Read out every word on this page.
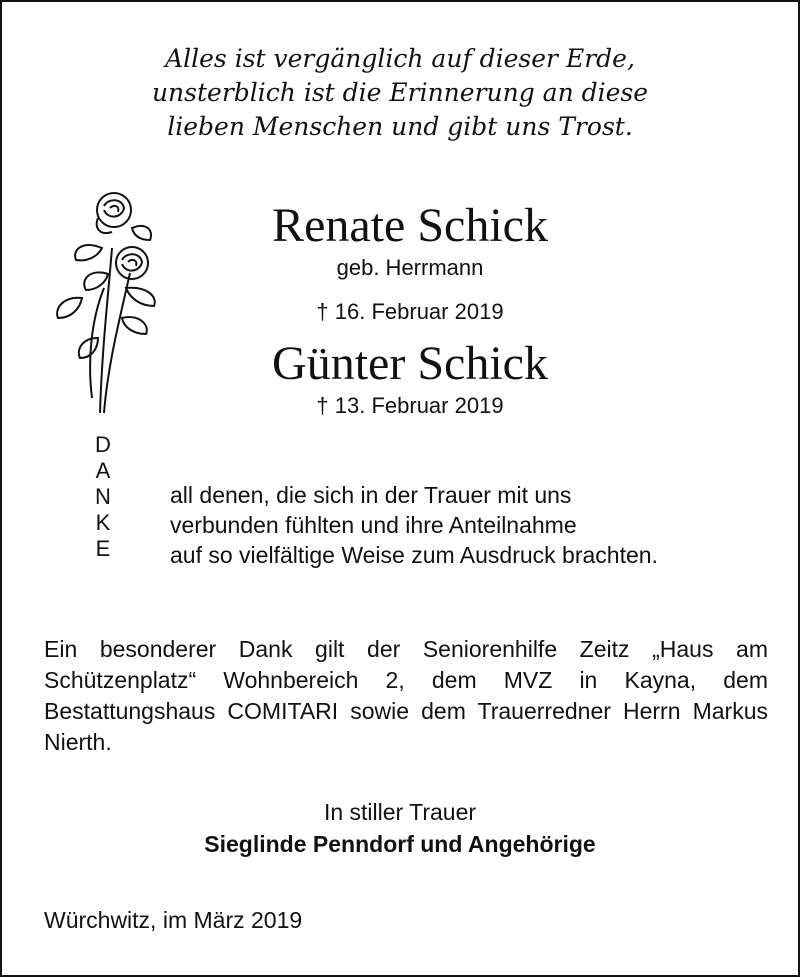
Alles ist vergänglich auf dieser Erde,
unsterblich ist die Erinnerung an diese
lieben Menschen und gibt uns Trost.
Renate Schick
geb. Herrmann
† 16. Februar 2019
Günter Schick
† 13. Februar 2019
D
A
N
K
E
all denen, die sich in der Trauer mit uns
verbunden fühlten und ihre Anteilnahme
auf so vielfältige Weise zum Ausdruck brachten.
Ein besonderer Dank gilt der Seniorenhilfe Zeitz „Haus am Schützenplatz“ Wohnbereich 2, dem MVZ in Kayna, dem Bestattungshaus COMITARI sowie dem Trauerredner Herrn Markus Nierth.
In stiller Trauer
Sieglinde Penndorf und Angehörige
Würchwitz, im März 2019
